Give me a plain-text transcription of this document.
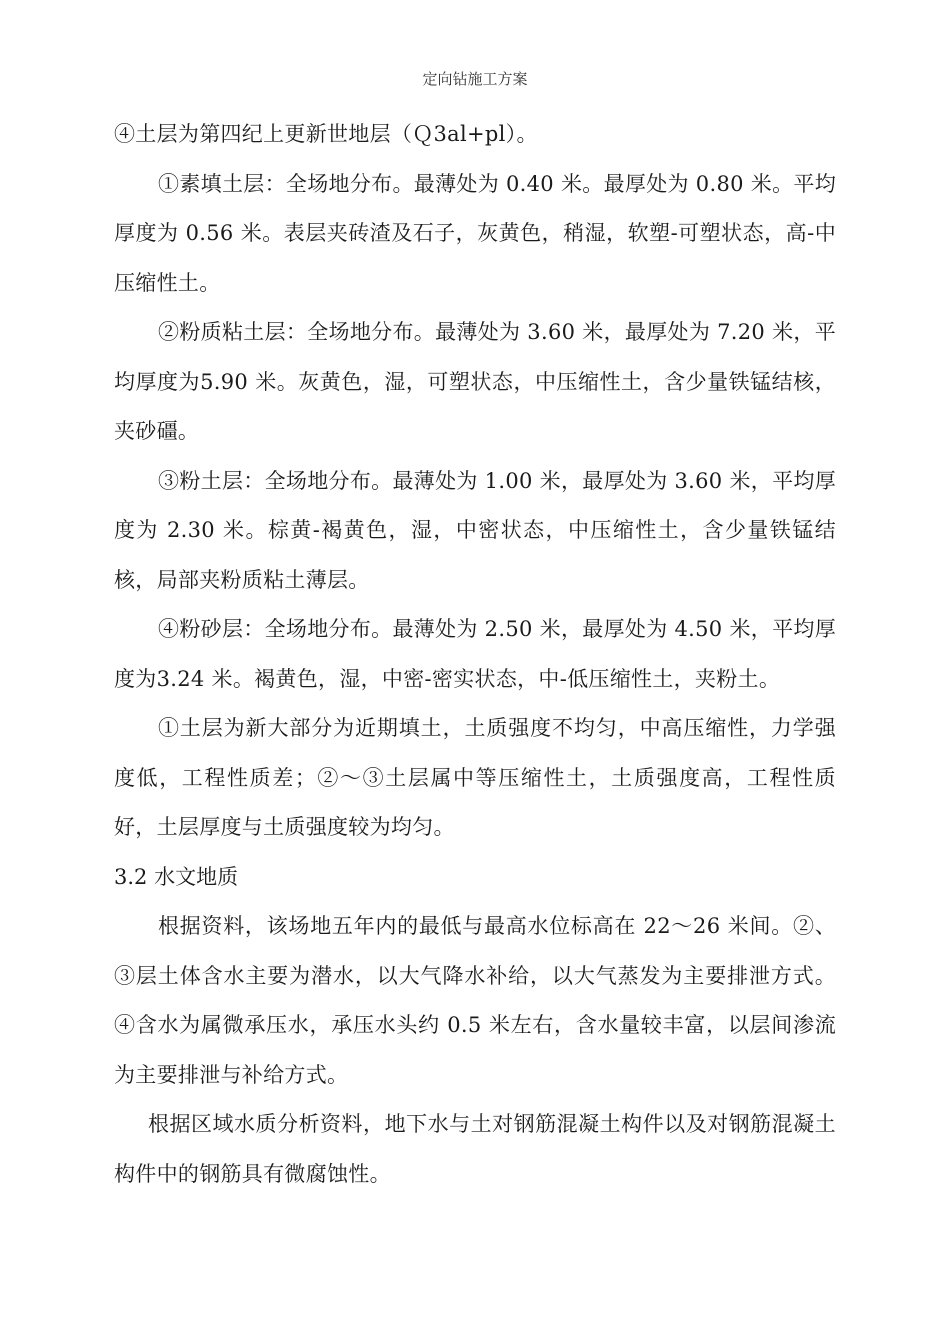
定向钻施工方案

④土层为第四纪上更新世地层（Ｑ3al+pl）。

①素填土层：全场地分布。最薄处为 0.40 米。最厚处为 0.80 米。平均厚度为 0.56 米。表层夹砖渣及石子，灰黄色，稍湿，软塑-可塑状态，高-中压缩性土。

②粉质粘土层：全场地分布。最薄处为 3.60 米，最厚处为 7.20 米，平均厚度为5.90 米。灰黄色，湿，可塑状态，中压缩性土，含少量铁锰结核，夹砂礓。

③粉土层：全场地分布。最薄处为 1.00 米，最厚处为 3.60 米，平均厚度为 2.30 米。棕黄-褐黄色，湿，中密状态，中压缩性土，含少量铁锰结核，局部夹粉质粘土薄层。

④粉砂层：全场地分布。最薄处为 2.50 米，最厚处为 4.50 米，平均厚度为3.24 米。褐黄色，湿，中密-密实状态，中-低压缩性土，夹粉土。

①土层为新大部分为近期填土，土质强度不均匀，中高压缩性，力学强度低，工程性质差；②～③土层属中等压缩性土，土质强度高，工程性质好，土层厚度与土质强度较为均匀。

3.2 水文地质

根据资料，该场地五年内的最低与最高水位标高在 22～26 米间。②、③层土体含水主要为潜水，以大气降水补给，以大气蒸发为主要排泄方式。④含水为属微承压水，承压水头约 0.5 米左右，含水量较丰富，以层间渗流为主要排泄与补给方式。

根据区域水质分析资料，地下水与土对钢筋混凝土构件以及对钢筋混凝土构件中的钢筋具有微腐蚀性。
